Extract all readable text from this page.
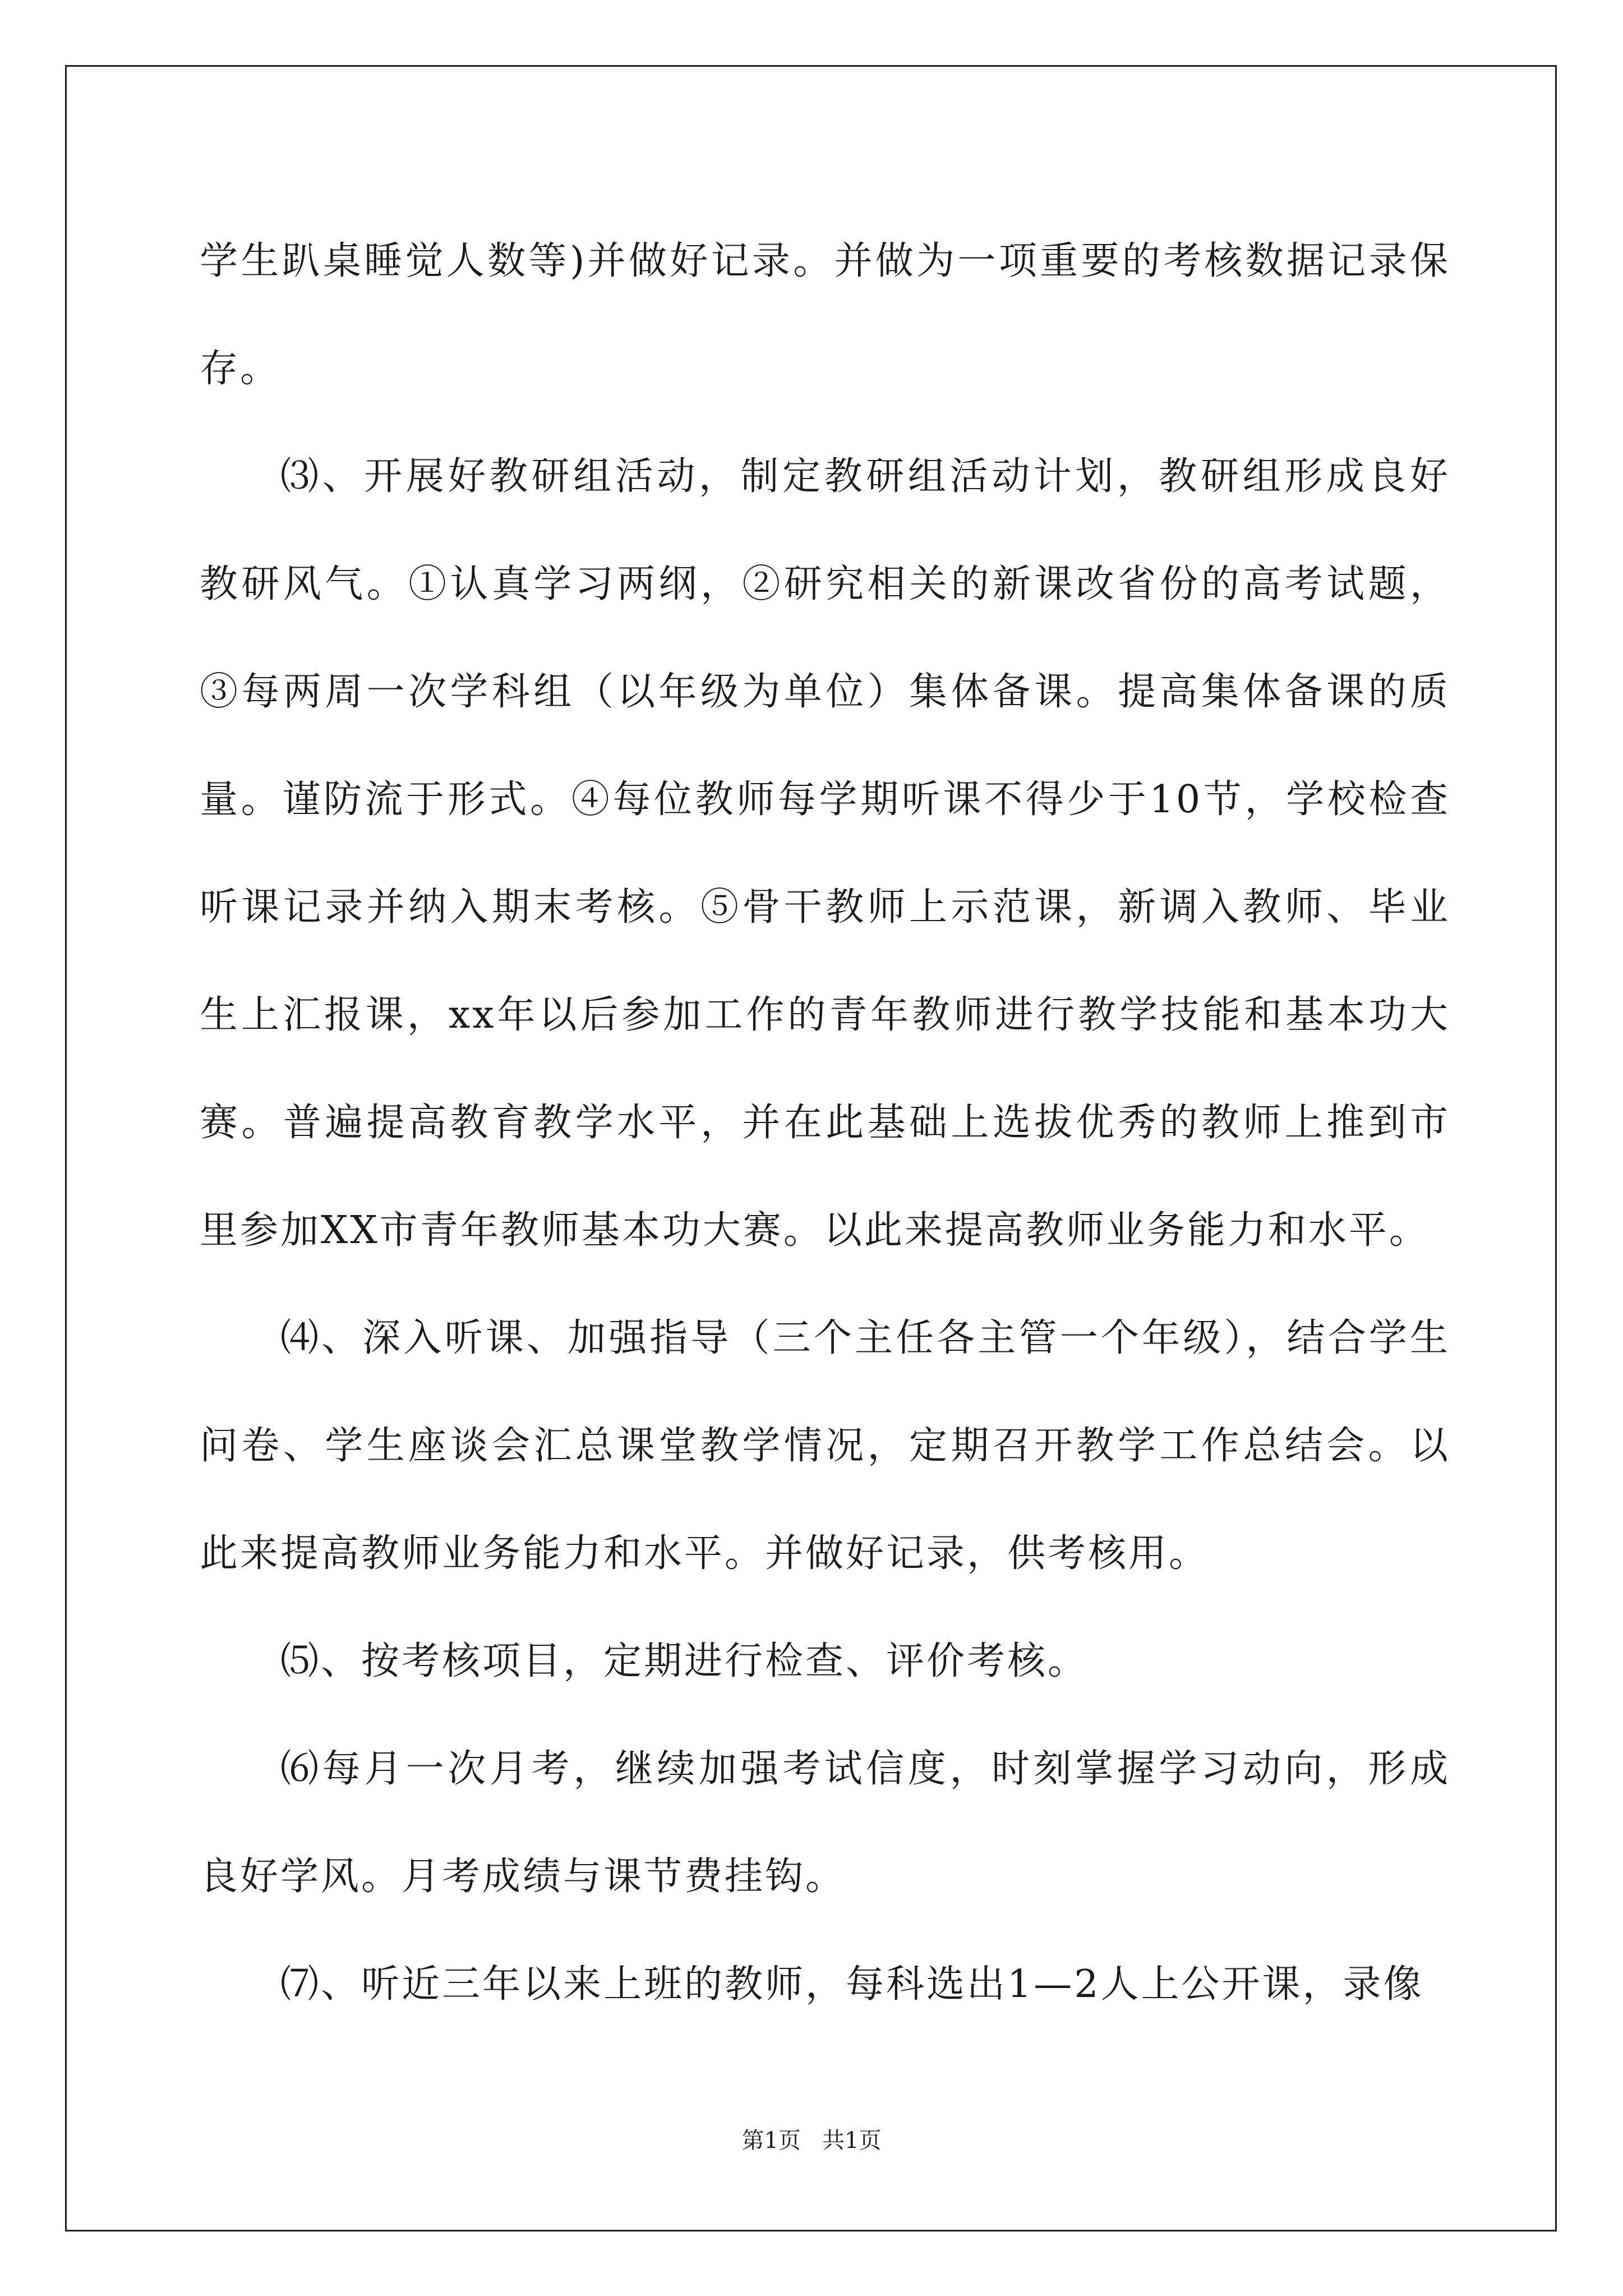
学生趴桌睡觉人数等)并做好记录。并做为一项重要的考核数据记录保存。

⑶、开展好教研组活动，制定教研组活动计划，教研组形成良好教研风气。①认真学习两纲，②研究相关的新课改省份的高考试题，③每两周一次学科组（以年级为单位）集体备课。提高集体备课的质量。谨防流于形式。④每位教师每学期听课不得少于10节，学校检查听课记录并纳入期末考核。⑤骨干教师上示范课，新调入教师、毕业生上汇报课，xx年以后参加工作的青年教师进行教学技能和基本功大赛。普遍提高教育教学水平，并在此基础上选拔优秀的教师上推到市里参加XX市青年教师基本功大赛。以此来提高教师业务能力和水平。

⑷、深入听课、加强指导（三个主任各主管一个年级），结合学生问卷、学生座谈会汇总课堂教学情况，定期召开教学工作总结会。以此来提高教师业务能力和水平。并做好记录，供考核用。

⑸、按考核项目，定期进行检查、评价考核。

⑹每月一次月考，继续加强考试信度，时刻掌握学习动向，形成良好学风。月考成绩与课节费挂钩。

⑺、听近三年以来上班的教师，每科选出1—2人上公开课，录像

第1页   共1页
